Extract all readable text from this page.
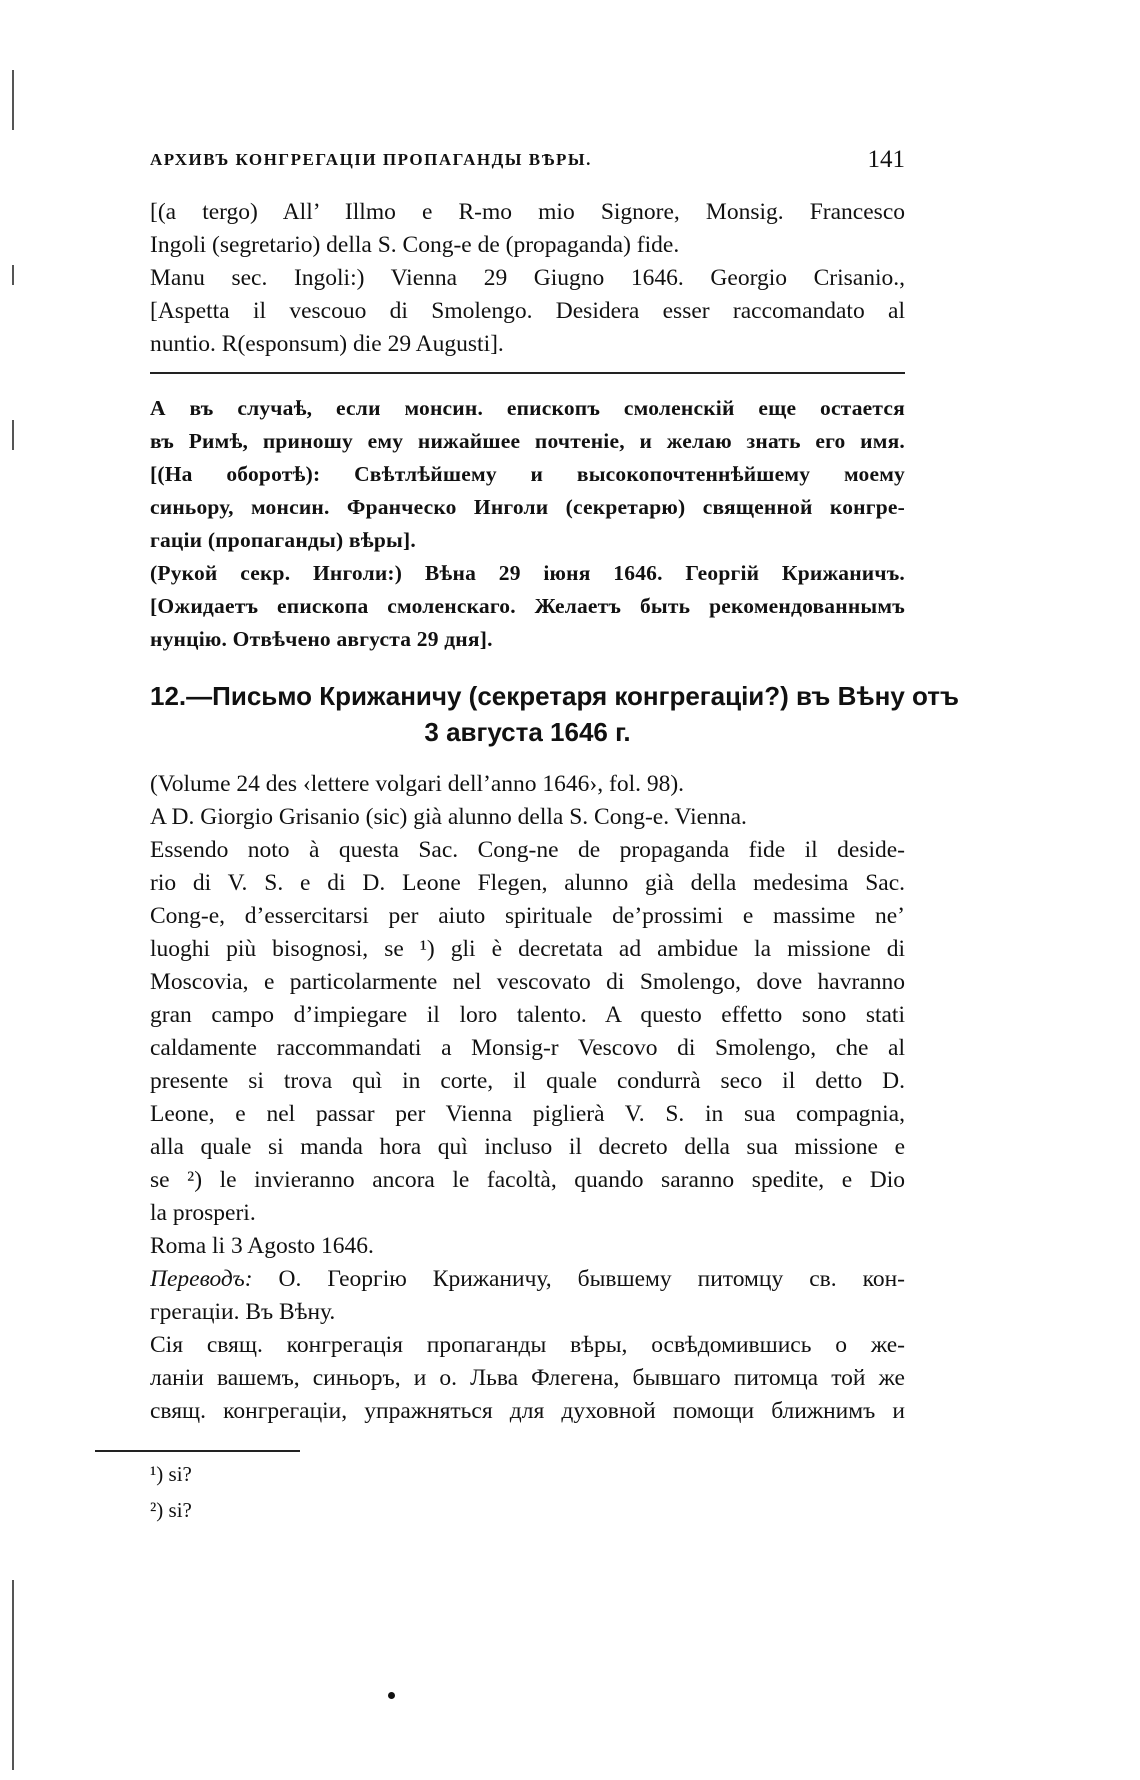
АРХИВЪ КОНГРЕГАЦІИ ПРОПАГАНДЫ ВѢРЫ.	141
[(a tergo) All’ Illmo e R-mo mio Signore, Monsig. Francesco
Ingoli (segretario) della S. Cong-e de (propaganda) fide.
Manu sec. Ingoli:) Vienna 29 Giugno 1646. Georgio Crisanio.,
[Aspetta il vescouo di Smolengo. Desidera esser raccomandato al
nuntio. R(esponsum) die 29 Augusti].
А въ случаѣ, если монсин. епископъ смоленскій еще остается
въ Римѣ, приношу ему нижайшее почтеніе, и желаю знать его имя.
[(На оборотѣ): Свѣтлѣйшему и высокопочтеннѣйшему моему
синьору, монсин. Франческо Инголи (секретарю) священной конгре-
гаціи (пропаганды) вѣры].
(Рукой секр. Инголи:) Вѣна 29 іюня 1646. Георгій Крижаничъ.
[Ожидаетъ епископа смоленскаго. Желаетъ быть рекомендованнымъ
нунцію. Отвѣчено августа 29 дня].
12.—Письмо Крижаничу (секретаря конгрегаціи?) въ Вѣну отъ
3 августа 1646 г.
(Volume 24 des ‹lettere volgari dell’anno 1646›, fol. 98).
A D. Giorgio Grisanio (sic) già alunno della S. Cong-e. Vienna.
Essendo noto à questa Sac. Cong-ne de propaganda fide il deside-
rio di V. S. e di D. Leone Flegen, alunno già della medesima Sac.
Cong-e, d’essercitarsi per aiuto spirituale de’prossimi e massime ne’
luoghi più bisognosi, se ¹) gli è decretata ad ambidue la missione di
Moscovia, e particolarmente nel vescovato di Smolengo, dove havranno
gran campo d’impiegare il loro talento. A questo effetto sono stati
caldamente raccommandati a Monsig-r Vescovo di Smolengo, che al
presente si trova quì in corte, il quale condurrà seco il detto D.
Leone, e nel passar per Vienna piglierà V. S. in sua compagnia,
alla quale si manda hora quì incluso il decreto della sua missione e
se ²) le invieranno ancora le facoltà, quando saranno spedite, e Dio
la prosperi.
Roma li 3 Agosto 1646.
Переводъ: О. Георгію Крижаничу, бывшему питомцу св. кон-
грегаціи. Въ Вѣну.
Сія свящ. конгрегація пропаганды вѣры, освѣдомившись о же-
ланіи вашемъ, синьоръ, и о. Льва Флегена, бывшаго питомца той же
свящ. конгрегаціи, упражняться для духовной помощи ближнимъ и
¹) si?
²) si?
